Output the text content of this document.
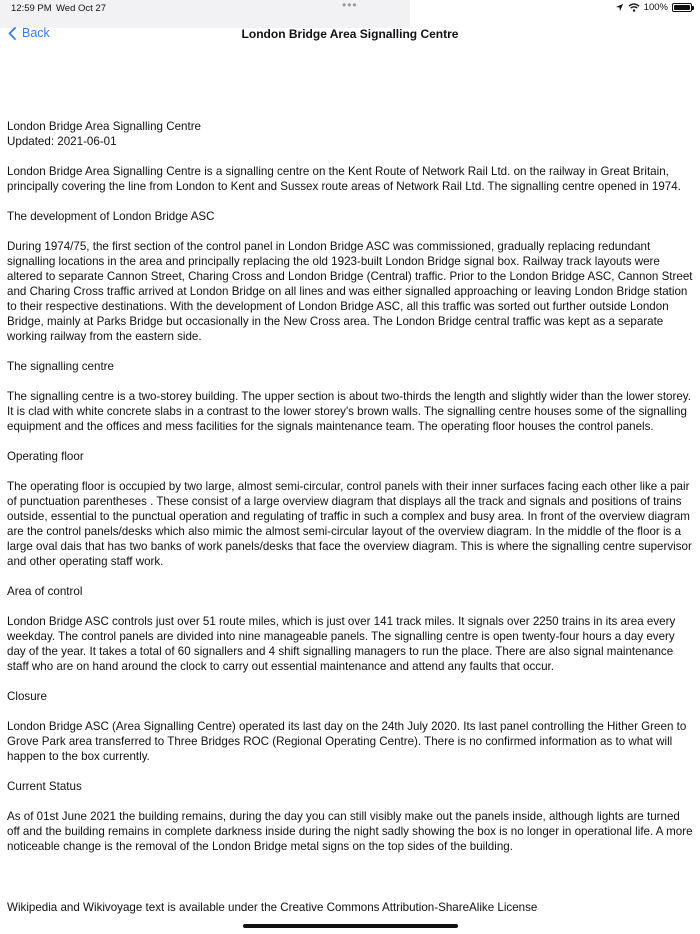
12:59 PM Wed Oct 27	•••	100%
Back	London Bridge Area Signalling Centre

London Bridge Area Signalling Centre
Updated: 2021-06-01

London Bridge Area Signalling Centre is a signalling centre on the Kent Route of Network Rail Ltd. on the railway in Great Britain, principally covering the line from London to Kent and Sussex route areas of Network Rail Ltd. The signalling centre opened in 1974.

The development of London Bridge ASC

During 1974/75, the first section of the control panel in London Bridge ASC was commissioned, gradually replacing redundant signalling locations in the area and principally replacing the old 1923-built London Bridge signal box. Railway track layouts were altered to separate Cannon Street, Charing Cross and London Bridge (Central) traffic. Prior to the London Bridge ASC, Cannon Street and Charing Cross traffic arrived at London Bridge on all lines and was either signalled approaching or leaving London Bridge station to their respective destinations. With the development of London Bridge ASC, all this traffic was sorted out further outside London Bridge, mainly at Parks Bridge but occasionally in the New Cross area. The London Bridge central traffic was kept as a separate working railway from the eastern side.

The signalling centre

The signalling centre is a two-storey building. The upper section is about two-thirds the length and slightly wider than the lower storey. It is clad with white concrete slabs in a contrast to the lower storey's brown walls. The signalling centre houses some of the signalling equipment and the offices and mess facilities for the signals maintenance team. The operating floor houses the control panels.

Operating floor

The operating floor is occupied by two large, almost semi-circular, control panels with their inner surfaces facing each other like a pair of punctuation parentheses . These consist of a large overview diagram that displays all the track and signals and positions of trains outside, essential to the punctual operation and regulating of traffic in such a complex and busy area. In front of the overview diagram are the control panels/desks which also mimic the almost semi-circular layout of the overview diagram. In the middle of the floor is a large oval dais that has two banks of work panels/desks that face the overview diagram. This is where the signalling centre supervisor and other operating staff work.

Area of control

London Bridge ASC controls just over 51 route miles, which is just over 141 track miles. It signals over 2250 trains in its area every weekday. The control panels are divided into nine manageable panels. The signalling centre is open twenty-four hours a day every day of the year. It takes a total of 60 signallers and 4 shift signalling managers to run the place. There are also signal maintenance staff who are on hand around the clock to carry out essential maintenance and attend any faults that occur.

Closure

London Bridge ASC (Area Signalling Centre) operated its last day on the 24th July 2020. Its last panel controlling the Hither Green to Grove Park area transferred to Three Bridges ROC (Regional Operating Centre). There is no confirmed information as to what will happen to the box currently.

Current Status

As of 01st June 2021 the building remains, during the day you can still visibly make out the panels inside, although lights are turned off and the building remains in complete darkness inside during the night sadly showing the box is no longer in operational life. A more noticeable change is the removal of the London Bridge metal signs on the top sides of the building.

Wikipedia and Wikivoyage text is available under the Creative Commons Attribution-ShareAlike License
